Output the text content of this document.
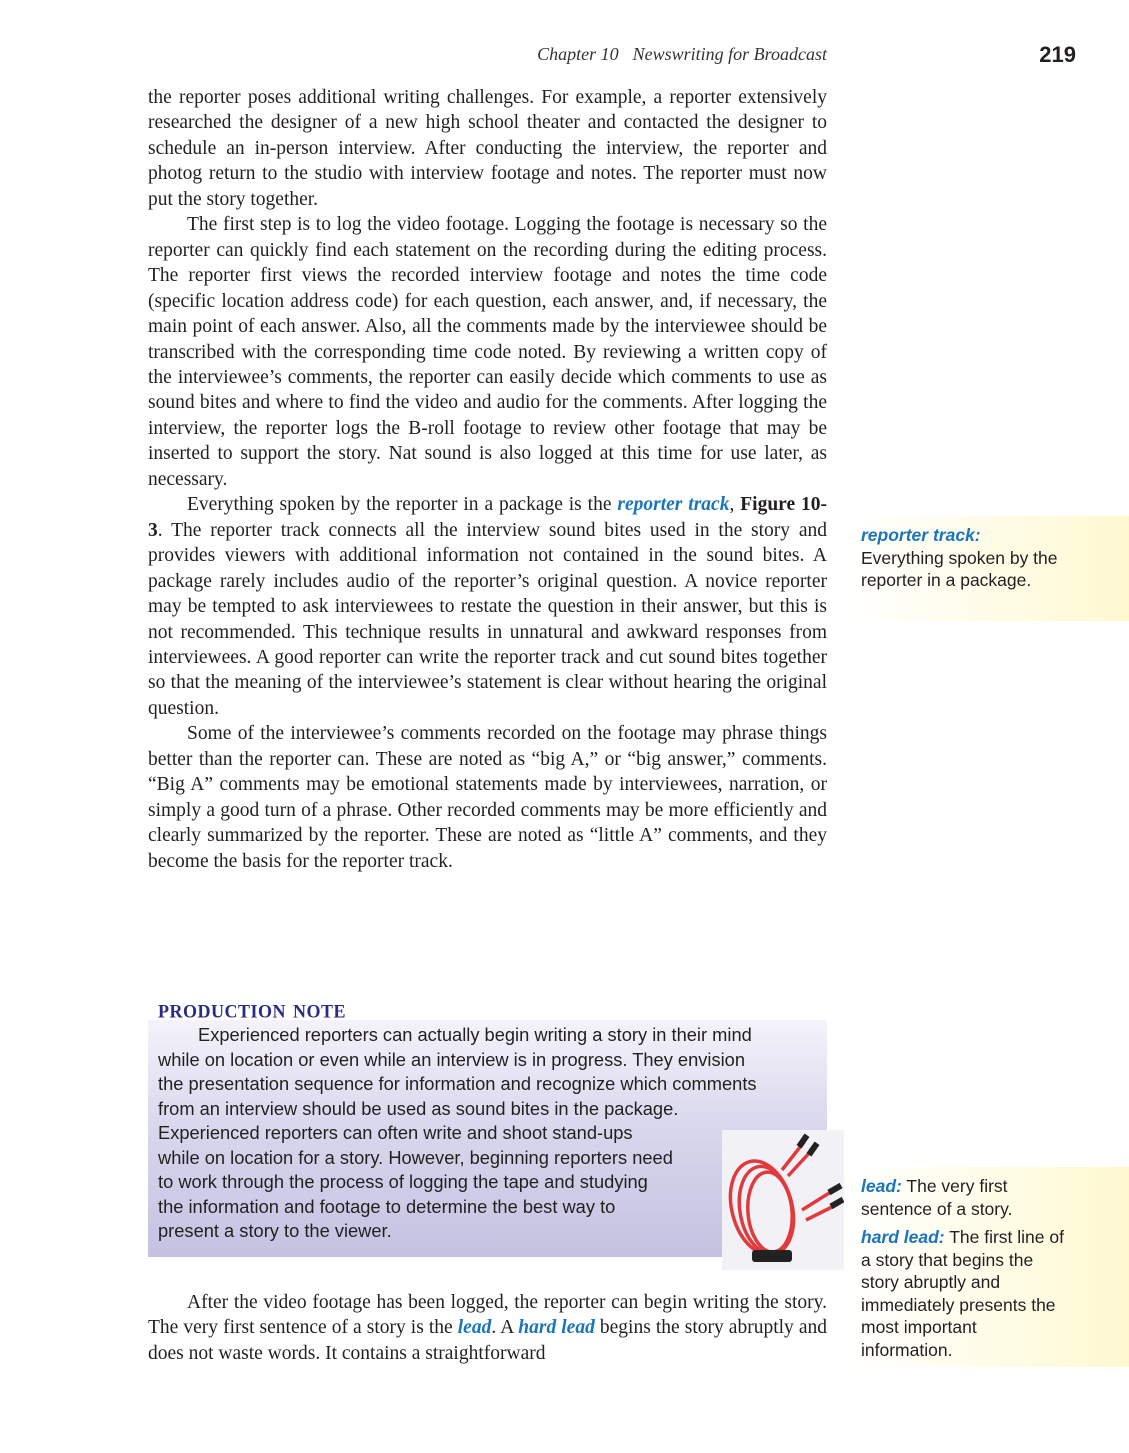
Chapter 10 Newswriting for Broadcast	219

the reporter poses additional writing challenges. For example, a reporter extensively researched the designer of a new high school theater and contacted the designer to schedule an in-person interview. After conducting the interview, the reporter and photog return to the studio with interview footage and notes. The reporter must now put the story together.

The first step is to log the video footage. Logging the footage is necessary so the reporter can quickly find each statement on the recording during the editing process. The reporter first views the recorded interview footage and notes the time code (specific location address code) for each question, each answer, and, if necessary, the main point of each answer. Also, all the comments made by the interviewee should be transcribed with the corresponding time code noted. By reviewing a written copy of the interviewee’s comments, the reporter can easily decide which comments to use as sound bites and where to find the video and audio for the comments. After logging the interview, the reporter logs the B-roll footage to review other footage that may be inserted to support the story. Nat sound is also logged at this time for use later, as necessary.

Everything spoken by the reporter in a package is the reporter track, Figure 10-3. The reporter track connects all the interview sound bites used in the story and provides viewers with additional information not contained in the sound bites. A package rarely includes audio of the reporter’s original question. A novice reporter may be tempted to ask interviewees to restate the question in their answer, but this is not recommended. This technique results in unnatural and awkward responses from interviewees. A good reporter can write the reporter track and cut sound bites together so that the meaning of the interviewee’s statement is clear without hearing the original question.

Some of the interviewee’s comments recorded on the footage may phrase things better than the reporter can. These are noted as “big A,” or “big answer,” comments. “Big A” comments may be emotional statements made by interviewees, narration, or simply a good turn of a phrase. Other recorded comments may be more efficiently and clearly summarized by the reporter. These are noted as “little A” comments, and they become the basis for the reporter track.

production note
Experienced reporters can actually begin writing a story in their mind
while on location or even while an interview is in progress. They envision
the presentation sequence for information and recognize which comments
from an interview should be used as sound bites in the package.
Experienced reporters can often write and shoot stand-ups
while on location for a story. However, beginning reporters need
to work through the process of logging the tape and studying
the information and footage to determine the best way to
present a story to the viewer.

After the video footage has been logged, the reporter can begin writing the story. The very first sentence of a story is the lead. A hard lead begins the story abruptly and does not waste words. It contains a straightforward

reporter track:
Everything spoken by the reporter in a package.
lead: The very first sentence of a story.
hard lead: The first line of a story that begins the story abruptly and immediately presents the most important information.
